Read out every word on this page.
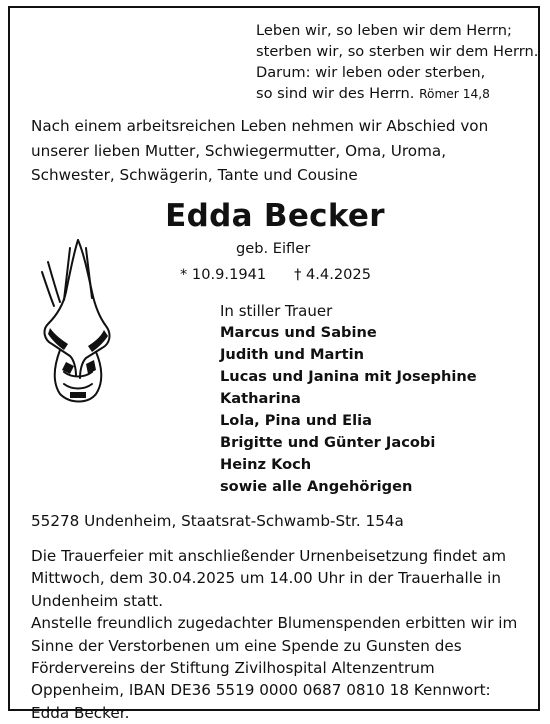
Leben wir, so leben wir dem Herrn;
sterben wir, so sterben wir dem Herrn.
Darum: wir leben oder sterben,
so sind wir des Herrn. Römer 14,8
Nach einem arbeitsreichen Leben nehmen wir Abschied von unserer lieben Mutter, Schwiegermutter, Oma, Uroma, Schwester, Schwägerin, Tante und Cousine
Edda Becker
geb. Eifler
* 10.9.1941 † 4.4.2025
In stiller Trauer
Marcus und Sabine
Judith und Martin
Lucas und Janina mit Josephine
Katharina
Lola, Pina und Elia
Brigitte und Günter Jacobi
Heinz Koch
sowie alle Angehörigen
55278 Undenheim, Staatsrat-Schwamb-Str. 154a

Die Trauerfeier mit anschließender Urnenbeisetzung findet am Mittwoch, dem 30.04.2025 um 14.00 Uhr in der Trauerhalle in Undenheim statt.

Anstelle freundlich zugedachter Blumenspenden erbitten wir im Sinne der Verstorbenen um eine Spende zu Gunsten des Fördervereins der Stiftung Zivilhospital Altenzentrum Oppenheim, IBAN DE36 5519 0000 0687 0810 18 Kennwort: Edda Becker.
